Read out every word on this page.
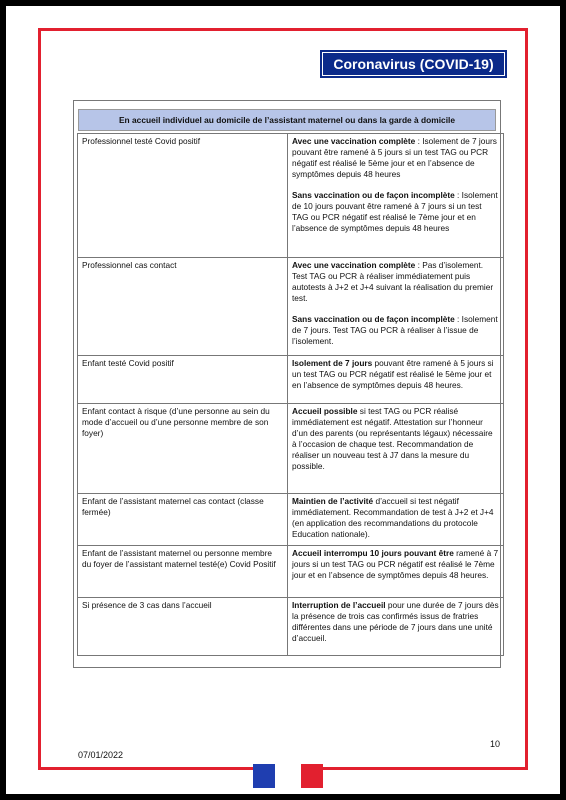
Coronavirus (COVID-19)
En accueil individuel au domicile de l’assistant maternel ou dans la garde à domicile
Professionnel testé Covid positif	Avec une vaccination complète : Isolement de 7 jours pouvant être ramené à 5 jours si un test TAG ou PCR négatif est réalisé le 5ème jour et en l’absence de symptômes depuis 48 heures
Sans vaccination ou de façon incomplète : Isolement de 10 jours pouvant être ramené à 7 jours si un test TAG ou PCR négatif est réalisé le 7ème jour et en l’absence de symptômes depuis 48 heures

Professionnel cas contact	Avec une vaccination complète : Pas d’isolement. Test TAG ou PCR à réaliser immédiatement puis autotests à J+2 et J+4 suivant la réalisation du premier test.
Sans vaccination ou de façon incomplète : Isolement de 7 jours. Test TAG ou PCR à réaliser à l’issue de l’isolement.

Enfant testé Covid positif	Isolement de 7 jours pouvant être ramené à 5 jours si un test TAG ou PCR négatif est réalisé le 5ème jour et en l’absence de symptômes depuis 48 heures.

Enfant contact à risque (d’une personne au sein du mode d’accueil ou d’une personne membre de son foyer)	Accueil possible si test TAG ou PCR réalisé immédiatement est négatif. Attestation sur l’honneur d’un des parents (ou représentants légaux) nécessaire à l’occasion de chaque test. Recommandation de réaliser un nouveau test à J7 dans la mesure du possible.

Enfant de l’assistant maternel cas contact (classe fermée)	Maintien de l’activité d’accueil si test négatif immédiatement. Recommandation de test à J+2 et J+4 (en application des recommandations du protocole Education nationale).

Enfant de l’assistant maternel ou personne membre du foyer de l’assistant maternel testé(e) Covid Positif	Accueil interrompu 10 jours pouvant être ramené à 7 jours si un test TAG ou PCR négatif est réalisé le 7ème jour et en l’absence de symptômes depuis 48 heures.

Si présence de 3 cas dans l’accueil	Interruption de l’accueil pour une durée de 7 jours dès la présence de trois cas confirmés issus de fratries différentes dans une période de 7 jours dans une unité d’accueil.
10
07/01/2022
